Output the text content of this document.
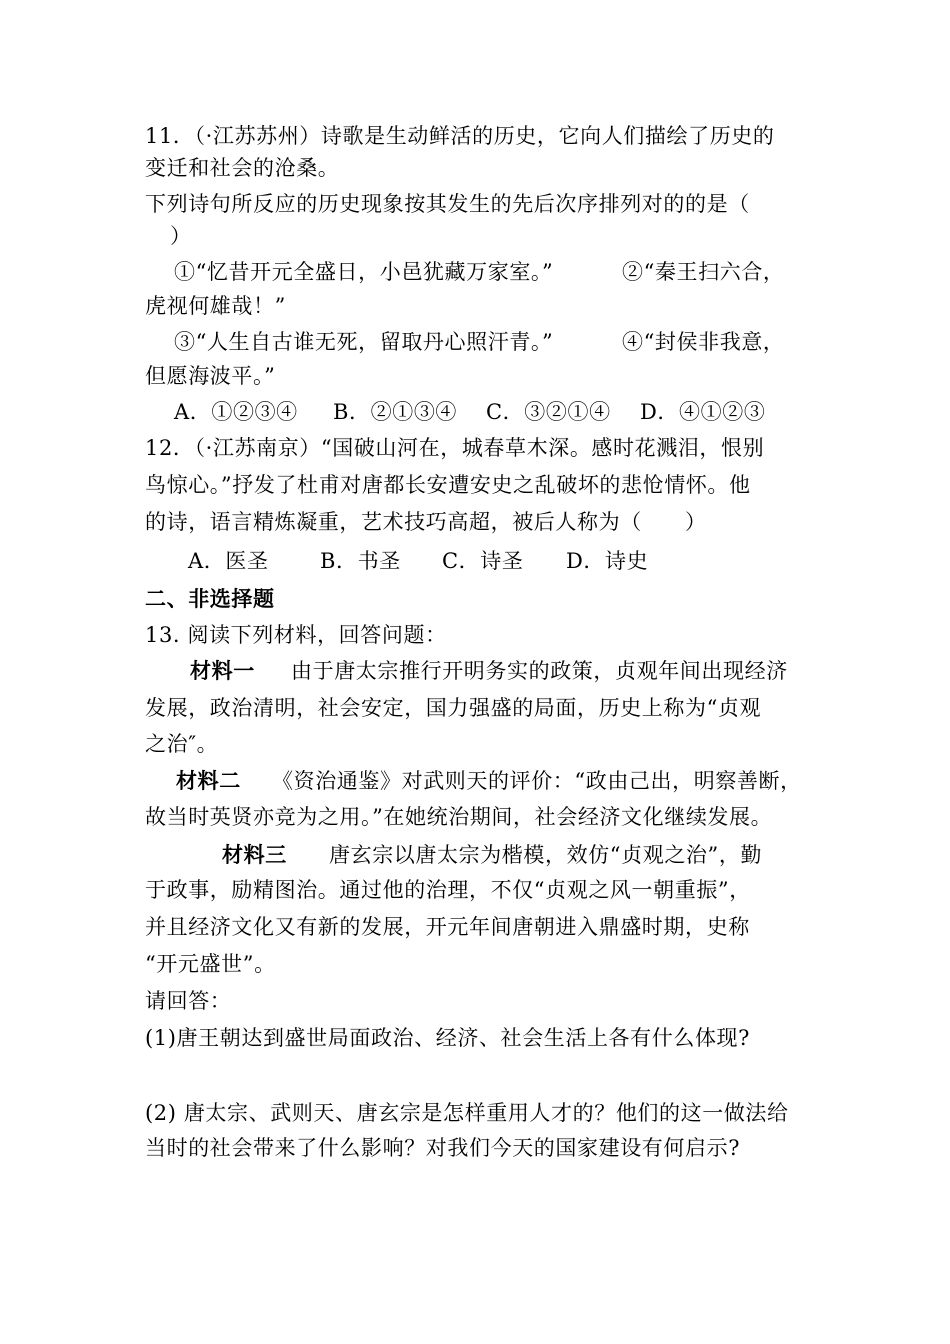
11．（·江苏苏州）诗歌是生动鲜活的历史，它向人们描绘了历史的
变迁和社会的沧桑。
下列诗句所反应的历史现象按其发生的先后次序排列对的的是（
）
①“忆昔开元全盛日，小邑犹藏万家室。”	②“秦王扫六合，
虎视何雄哉！”
③“人生自古谁无死，留取丹心照汗青。”	④“封侯非我意，
但愿海波平。”
A．①②③④ B．②①③④ C．③②①④ D．④①②③
12．（·江苏南京）“国破山河在，城春草木深。感时花溅泪，恨别
鸟惊心。”抒发了杜甫对唐都长安遭安史之乱破坏的悲怆情怀。他
的诗，语言精炼凝重，艺术技巧高超，被后人称为（　　）
A．医圣 B．书圣 C．诗圣 D．诗史
二、非选择题
13. 阅读下列材料，回答问题：
材料一 由于唐太宗推行开明务实的政策，贞观年间出现经济
发展，政治清明，社会安定，国力强盛的局面，历史上称为“贞观
之治″。
材料二 《资治通鉴》对武则天的评价：“政由己出，明察善断，
故当时英贤亦竞为之用。”在她统治期间，社会经济文化继续发展。
材料三 唐玄宗以唐太宗为楷模，效仿“贞观之治”，勤
于政事，励精图治。通过他的治理，不仅“贞观之风一朝重振”，
并且经济文化又有新的发展，开元年间唐朝进入鼎盛时期，史称
“开元盛世”。
请回答：
(1)唐王朝达到盛世局面政治、经济、社会生活上各有什么体现?
(2) 唐太宗、武则天、唐玄宗是怎样重用人才的？他们的这一做法给
当时的社会带来了什么影响？对我们今天的国家建设有何启示?
